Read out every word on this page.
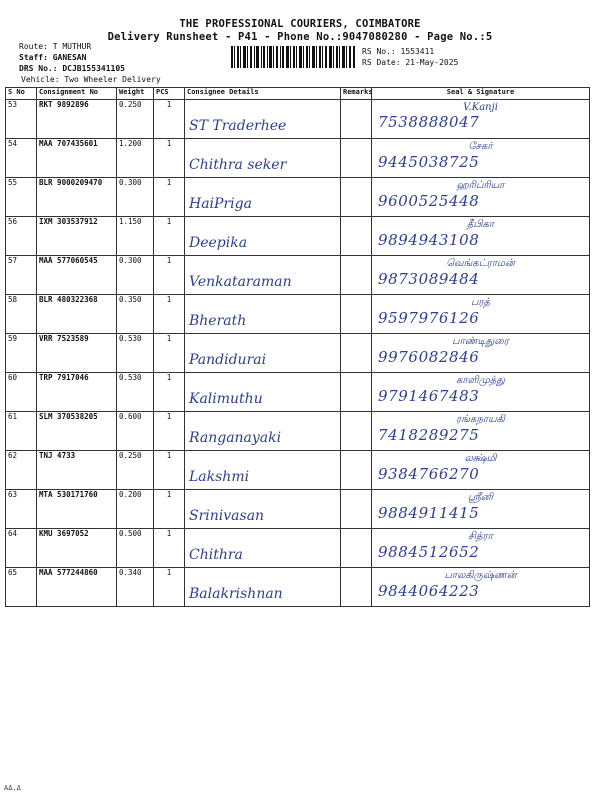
THE PROFESSIONAL COURIERS, COIMBATORE
Delivery Runsheet - P41 - Phone No.:9047080280 - Page No.:5
Route: T MUTHUR
Staff: GANESAN
DRS No.: DCJB155341105
Vehicle: Two Wheeler Delivery
RS No.: 1553411
RS Date: 21-May-2025
S No	Consignment No	Weight	PCS	Consignee Details	Remarks	Seal & Signature
53	RKT 9892896	0.250	1	ST Traderhee		V.Kanji
7538888047

54	MAA 707435601	1.200	1	Chithra seker		சேகர்
9445038725

55	BLR 9000209470	0.300	1	HaiPriga		ஹரிப்ரியா
9600525448

56	IXM 303537912	1.150	1	Deepika		தீபிகா
9894943108

57	MAA 577060545	0.300	1	Venkataraman		வெங்கட்ராமன்
9873089484

58	BLR 480322368	0.350	1	Bherath		பரத்
9597976126

59	VRR 7523589	0.530	1	Pandidurai		பாண்டிதுரை
9976082846

60	TRP 7917046	0.530	1	Kalimuthu		காளிமுத்து
9791467483

61	SLM 370538205	0.600	1	Ranganayaki		ரங்கநாயகி
7418289275

62	TNJ 4733	0.250	1	Lakshmi		லக்ஷ்மி
9384766270

63	MTA 530171760	0.200	1	Srinivasan		ஸ்ரீனி
9884911415

64	KMU 3697052	0.500	1	Chithra		சித்ரா
9884512652

65	MAA 577244860	0.340	1	Balakrishnan		பாலகிருஷ்ணன்
9844064223
ΑΔ.Δ
